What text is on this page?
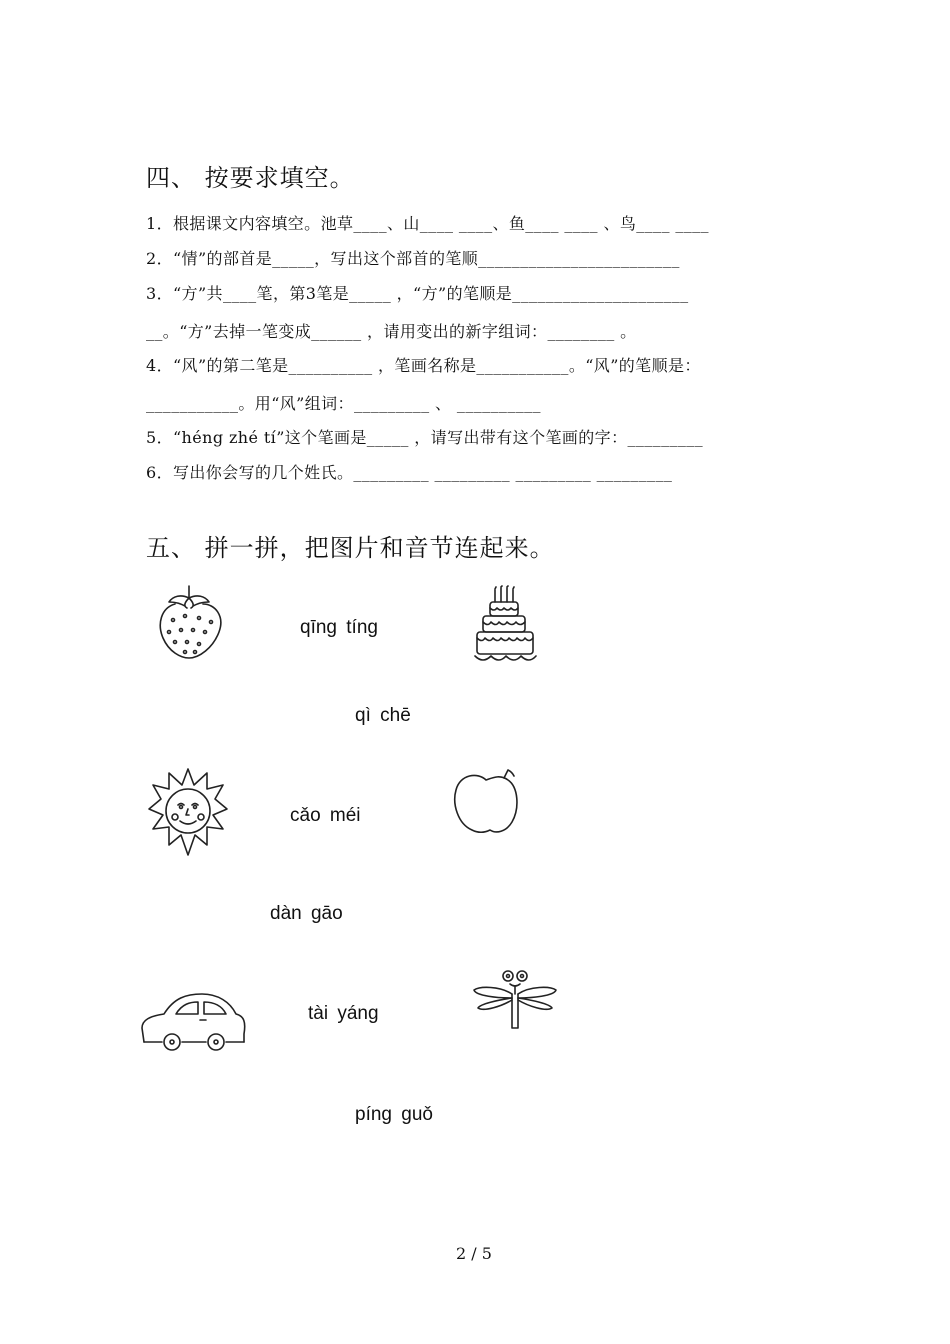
四、 按要求填空。
1．根据课文内容填空。池草____、山____ ____、鱼____ ____ 、鸟____ ____
2．“情”的部首是_____，写出这个部首的笔顺________________________
3．“方”共____笔，第3笔是_____ ，“方”的笔顺是_____________________
__。“方”去掉一笔变成______ ，请用变出的新字组词：________ 。
4．“风”的第二笔是__________ ，笔画名称是___________。“风”的笔顺是：
___________。用“风”组词：_________ 、 __________
5．“héng zhé tí”这个笔画是_____ ，请写出带有这个笔画的字：_________
6．写出你会写的几个姓氏。_________ _________ _________ _________
五、 拼一拼，把图片和音节连起来。
qīng tíng
qì chē
cǎo méi
dàn gāo
tài yáng
píng guǒ
2 / 5
